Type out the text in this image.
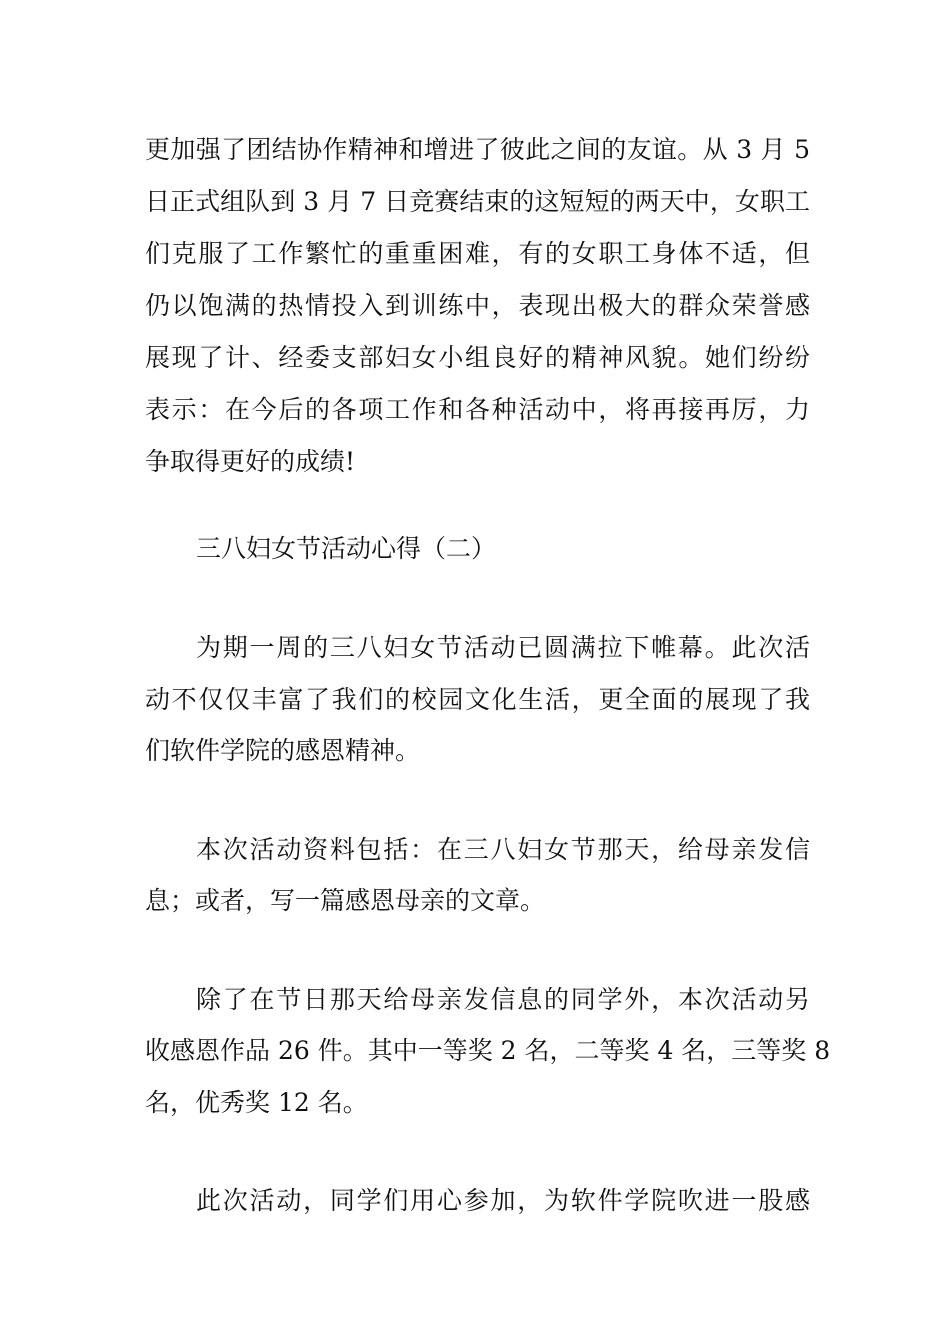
更加强了团结协作精神和增进了彼此之间的友谊。从 3 月 5
日正式组队到 3 月 7 日竞赛结束的这短短的两天中，女职工
们克服了工作繁忙的重重困难，有的女职工身体不适，但
仍以饱满的热情投入到训练中，表现出极大的群众荣誉感
展现了计、经委支部妇女小组良好的精神风貌。她们纷纷
表示：在今后的各项工作和各种活动中，将再接再厉，力
争取得更好的成绩!
三八妇女节活动心得（二）
为期一周的三八妇女节活动已圆满拉下帷幕。此次活
动不仅仅丰富了我们的校园文化生活，更全面的展现了我
们软件学院的感恩精神。
本次活动资料包括：在三八妇女节那天，给母亲发信
息；或者，写一篇感恩母亲的文章。
除了在节日那天给母亲发信息的同学外，本次活动另
收感恩作品 26 件。其中一等奖 2 名，二等奖 4 名，三等奖 8
名，优秀奖 12 名。
此次活动，同学们用心参加，为软件学院吹进一股感
